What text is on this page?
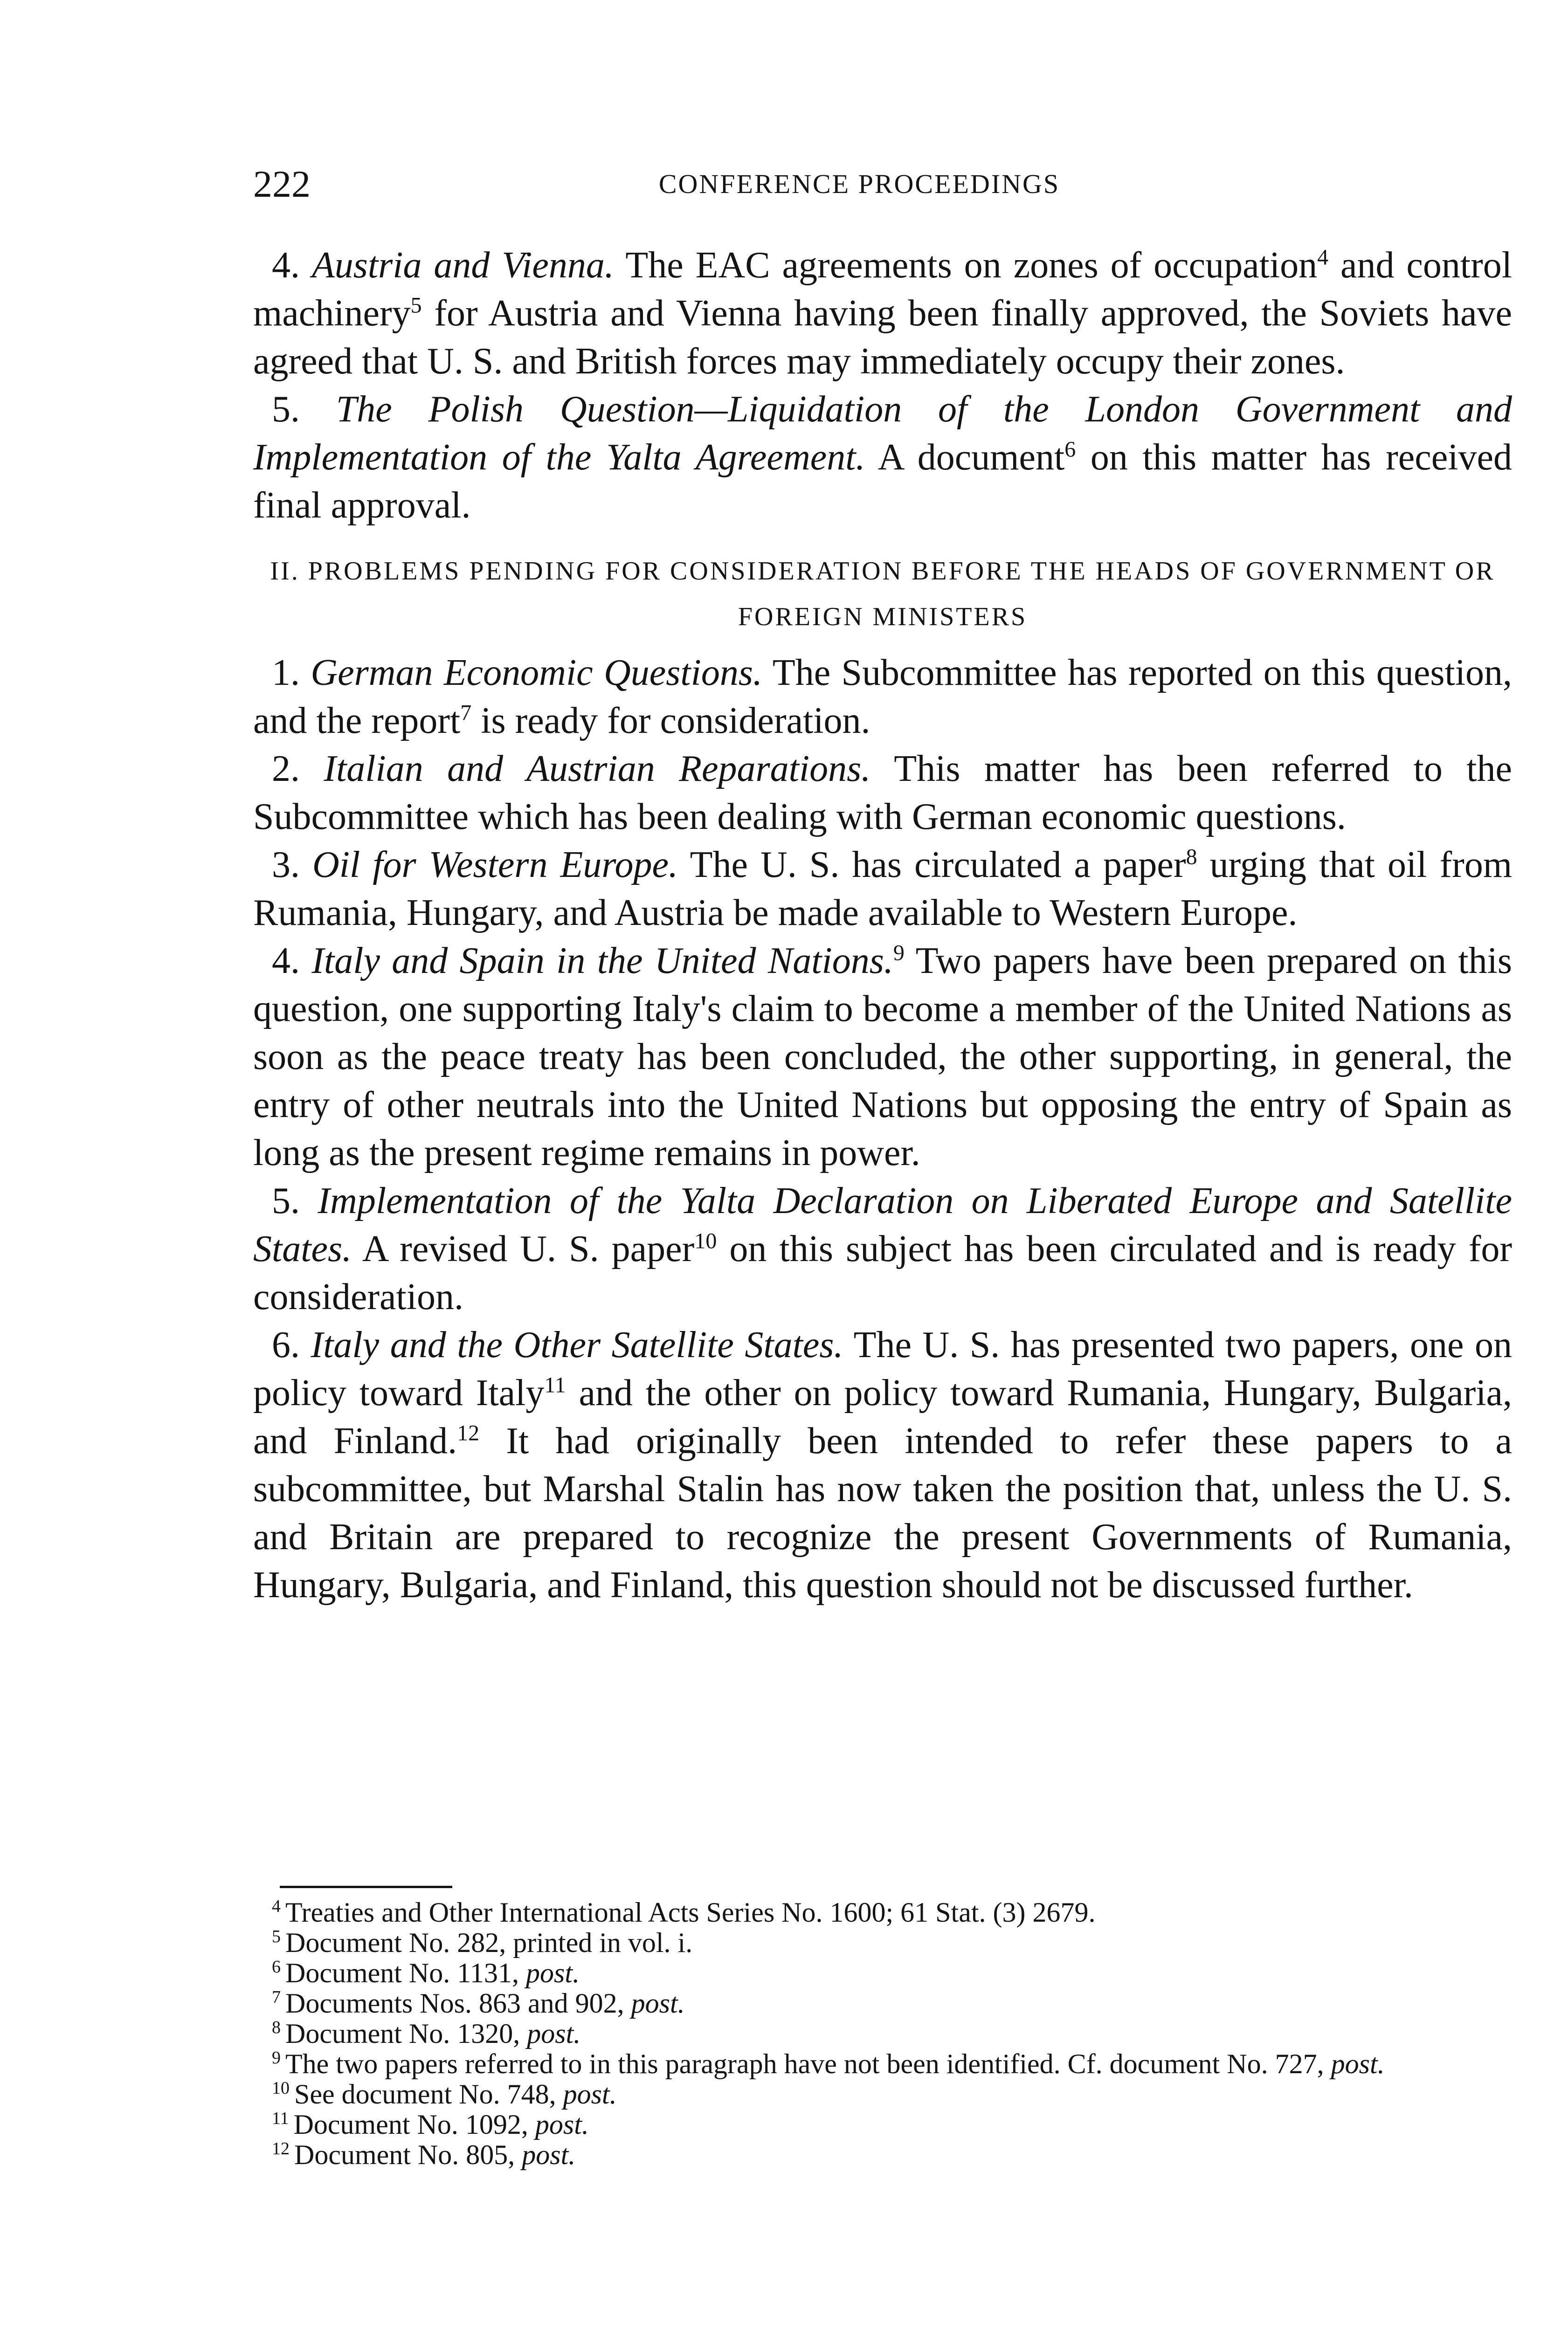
222	CONFERENCE PROCEEDINGS

4. Austria and Vienna. The EAC agreements on zones of occupation$^4$ and control machinery$^5$ for Austria and Vienna having been finally approved, the Soviets have agreed that U. S. and British forces may immediately occupy their zones.

5. The Polish Question—Liquidation of the London Government and Implementation of the Yalta Agreement. A document$^6$ on this matter has received final approval.

II. PROBLEMS PENDING FOR CONSIDERATION BEFORE THE HEADS OF GOVERNMENT OR FOREIGN MINISTERS

1. German Economic Questions. The Subcommittee has reported on this question, and the report$^7$ is ready for consideration.

2. Italian and Austrian Reparations. This matter has been referred to the Subcommittee which has been dealing with German economic questions.

3. Oil for Western Europe. The U. S. has circulated a paper$^8$ urging that oil from Rumania, Hungary, and Austria be made available to Western Europe.

4. Italy and Spain in the United Nations.$^9$ Two papers have been prepared on this question, one supporting Italy's claim to become a member of the United Nations as soon as the peace treaty has been concluded, the other supporting, in general, the entry of other neutrals into the United Nations but opposing the entry of Spain as long as the present regime remains in power.

5. Implementation of the Yalta Declaration on Liberated Europe and Satellite States. A revised U. S. paper$^{10}$ on this subject has been circulated and is ready for consideration.

6. Italy and the Other Satellite States. The U. S. has presented two papers, one on policy toward Italy$^{11}$ and the other on policy toward Rumania, Hungary, Bulgaria, and Finland.$^{12}$ It had originally been intended to refer these papers to a subcommittee, but Marshal Stalin has now taken the position that, unless the U. S. and Britain are prepared to recognize the present Governments of Rumania, Hungary, Bulgaria, and Finland, this question should not be discussed further.

$^4$ Treaties and Other International Acts Series No. 1600; 61 Stat. (3) 2679.

$^5$ Document No. 282, printed in vol. i.

$^6$ Document No. 1131, post.

$^7$ Documents Nos. 863 and 902, post.

$^8$ Document No. 1320, post.

$^9$ The two papers referred to in this paragraph have not been identified. Cf. document No. 727, post.

$^{10}$ See document No. 748, post.

$^{11}$ Document No. 1092, post.

$^{12}$ Document No. 805, post.
